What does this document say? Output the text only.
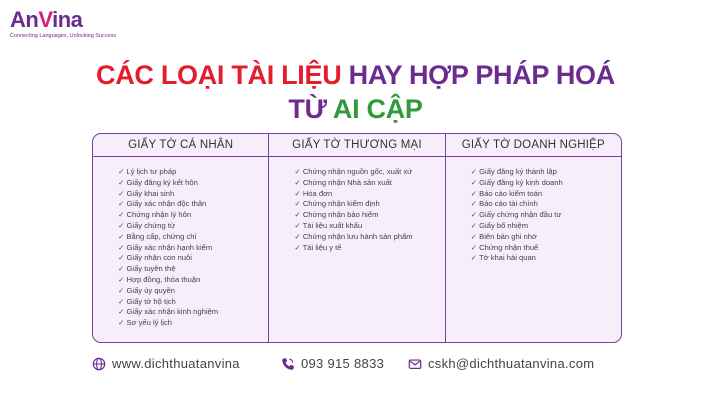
AnVina
Connecting Languages, Unlocking Success
CÁC LOẠI TÀI LIỆU HAY HỢP PHÁP HOÁ
TỪ AI CẬP
GIẤY TỜ CÁ NHÂN
✓ Lý lịch tư pháp
✓ Giấy đăng ký kết hôn
✓ Giấy khai sinh
✓ Giấy xác nhận độc thân
✓ Chứng nhận lý hôn
✓ Giấy chứng tử
✓ Bằng cấp, chứng chỉ
✓ Giấy xác nhận hạnh kiểm
✓ Giấy nhận con nuôi
✓ Giấy tuyên thệ
✓ Hợp đồng, thỏa thuận
✓ Giấy ủy quyền
✓ Giấy tờ hộ tịch
✓ Giấy xác nhận kinh nghiệm
✓ Sơ yếu lý lịch
GIẤY TỜ THƯƠNG MẠI
✓ Chứng nhận nguồn gốc, xuất xứ
✓ Chứng nhận Nhà sản xuất
✓ Hóa đơn
✓ Chứng nhận kiểm định
✓ Chứng nhận bảo hiểm
✓ Tài liệu xuất khẩu
✓ Chứng nhận lưu hành sản phẩm
✓ Tài liệu y tế
GIẤY TỜ DOANH NGHIỆP
✓ Giấy đăng ký thành lập
✓ Giấy đăng ký kinh doanh
✓ Báo cáo kiểm toán
✓ Báo cáo tài chính
✓ Giấy chứng nhận đầu tư
✓ Giấy bổ nhiệm
✓ Biên bản ghi nhớ
✓ Chứng nhận thuế
✓ Tờ khai hải quan
www.dichthuatanvina	093 915 8833	cskh@dichthuatanvina.com
